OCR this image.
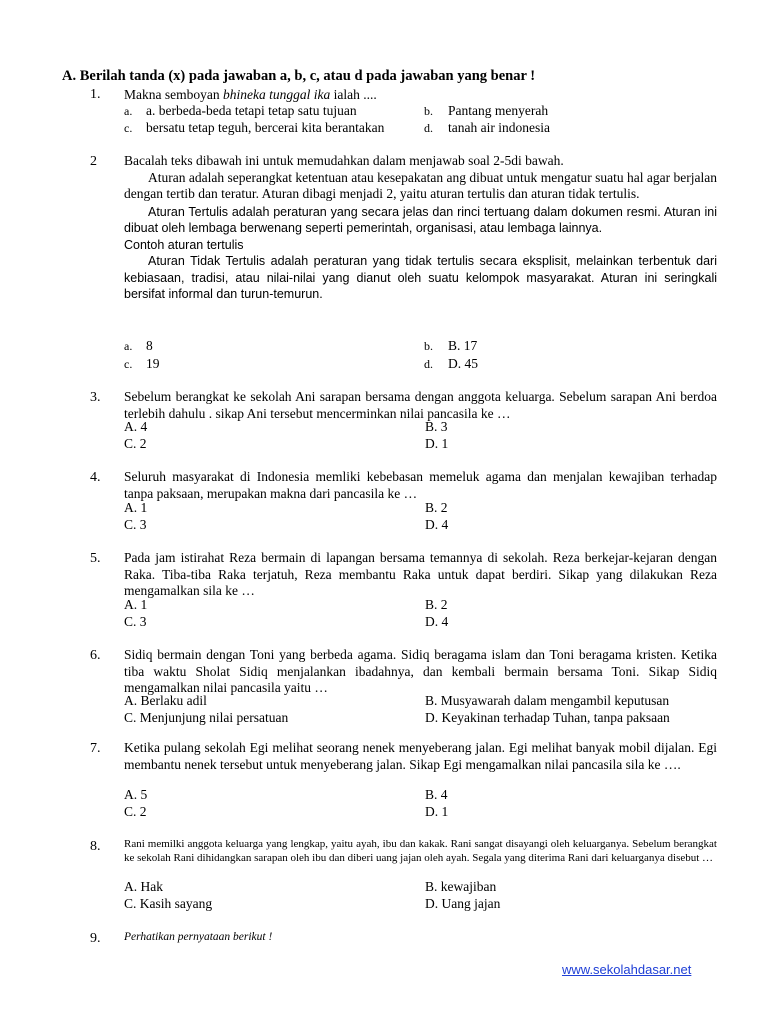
A. Berilah tanda (x) pada jawaban a, b, c, atau d pada jawaban yang benar !
1. Makna semboyan bhineka tunggal ika ialah ....
a. a. berbeda-beda tetapi tetap satu tujuan	b. Pantang menyerah
c. bersatu tetap teguh, bercerai kita berantakan	d. tanah air indonesia
2 Bacalah teks dibawah ini untuk memudahkan dalam menjawab soal 2-5di bawah.
Aturan adalah seperangkat ketentuan atau kesepakatan ang dibuat untuk mengatur suatu hal agar berjalan dengan tertib dan teratur. Aturan dibagi menjadi 2, yaitu aturan tertulis dan aturan tidak tertulis.
Aturan Tertulis adalah peraturan yang secara jelas dan rinci tertuang dalam dokumen resmi. Aturan ini dibuat oleh lembaga berwenang seperti pemerintah, organisasi, atau lembaga lainnya.
Contoh aturan tertulis
Aturan Tidak Tertulis adalah peraturan yang tidak tertulis secara eksplisit, melainkan terbentuk dari kebiasaan, tradisi, atau nilai-nilai yang dianut oleh suatu kelompok masyarakat. Aturan ini seringkali bersifat informal dan turun-temurun.
a. 8	b. B. 17
c. 19	d. D. 45
3. Sebelum berangkat ke sekolah Ani sarapan bersama dengan anggota keluarga. Sebelum sarapan Ani berdoa terlebih dahulu . sikap Ani tersebut mencerminkan nilai pancasila ke …
A. 4	B. 3
C. 2	D. 1
4. Seluruh masyarakat di Indonesia memliki kebebasan memeluk agama dan menjalan kewajiban terhadap tanpa paksaan, merupakan makna dari pancasila ke …
A. 1	B. 2
C. 3	D. 4
5. Pada jam istirahat Reza bermain di lapangan bersama temannya di sekolah. Reza berkejar-kejaran dengan Raka. Tiba-tiba Raka terjatuh, Reza membantu Raka untuk dapat berdiri. Sikap yang dilakukan Reza mengamalkan sila ke …
A. 1	B. 2
C. 3	D. 4
6. Sidiq bermain dengan Toni yang berbeda agama. Sidiq beragama islam dan Toni beragama kristen. Ketika tiba waktu Sholat Sidiq menjalankan ibadahnya, dan kembali bermain bersama Toni. Sikap Sidiq mengamalkan nilai pancasila yaitu …
A. Berlaku adil	B. Musyawarah dalam mengambil keputusan
C. Menjunjung nilai persatuan	D. Keyakinan terhadap Tuhan, tanpa paksaan
7. Ketika pulang sekolah Egi melihat seorang nenek menyeberang jalan. Egi melihat banyak mobil dijalan. Egi membantu nenek tersebut untuk menyeberang jalan. Sikap Egi mengamalkan nilai pancasila sila ke ….
A. 5	B. 4
C. 2	D. 1
8. Rani memilki anggota keluarga yang lengkap, yaitu ayah, ibu dan kakak. Rani sangat disayangi oleh keluarganya. Sebelum berangkat ke sekolah Rani dihidangkan sarapan oleh ibu dan diberi uang jajan oleh ayah. Segala yang diterima Rani dari keluarganya disebut …
A. Hak	B. kewajiban
C. Kasih sayang	D. Uang jajan
9. Perhatikan pernyataan berikut !
www.sekolahdasar.net
